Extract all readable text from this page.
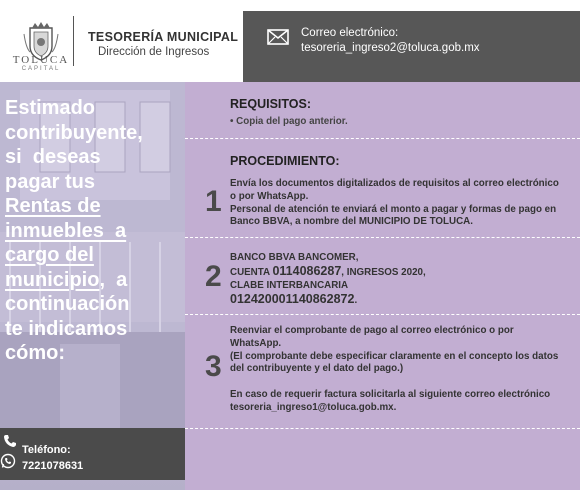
TOLUCA
CAPITAL
TESORERÍA MUNICIPAL
Dirección de Ingresos
Correo electrónico:
tesoreria_ingreso2@toluca.gob.mx
Estimado
contribuyente,
si  deseas
pagar tus
Rentas de
inmuebles  a
cargo del
municipio,  a
continuación
te indicamos
cómo:
Teléfono:
7221078631
REQUISITOS:
• Copia del pago anterior.
PROCEDIMIENTO:
1
Envía los documentos digitalizados de requisitos al correo electrónico
o por WhatsApp.
Personal de atención te enviará el monto a pagar y formas de pago en
Banco BBVA, a nombre del MUNICIPIO DE TOLUCA.
2
BANCO BBVA BANCOMER,
CUENTA 0114086287, INGRESOS 2020,
CLABE INTERBANCARIA
012420001140862872.
3
Reenviar el comprobante de pago al correo electrónico o por
WhatsApp.
(El comprobante debe especificar claramente en el concepto los datos
del contribuyente y el dato del pago.)
En caso de requerir factura solicitarla al siguiente correo electrónico
tesoreria_ingreso1@toluca.gob.mx.
